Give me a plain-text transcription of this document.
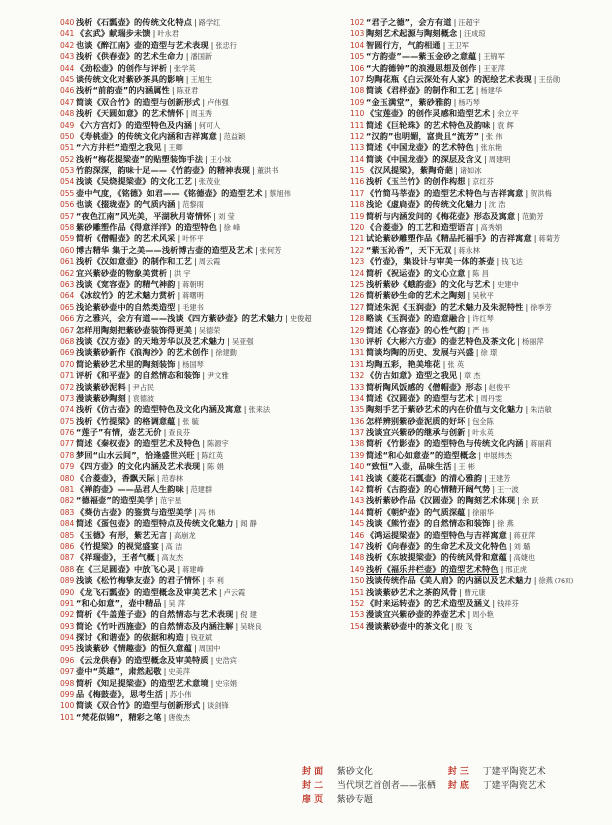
040 浅析《石瓢壶》的传统文化特点 | 路学红
041 《玄武》献瑞步未馈 | 叶永君
042 也谈《醉江南》壶的造型与艺术表现 | 张忠行
043 浅析《供春壶》的艺术生命力 | 潘国新
044 《劲松壶》的创作与评析 | 张学英
045 谈传统文化对紫砂茶具的影响 | 王旭生
046 浅析“前韵壶”的内涵属性 | 陈亚君
047 简谈《双合竹》的造型与创新形式 | 卢伟强
048 浅析《天圆如意》的艺术情怀 | 周玉秀
049 《六方宫灯》的造型特色及内涵 | 何可人
050 《寿桃壶》的传统文化内涵和吉祥寓意 | 范益颖
051 “六方井栏”造型之我见 | 王卿
052 浅析“梅花提梁壶”的贴塑装饰手法 | 王小妹
053 竹韵深深，韵味十足——《竹韵壶》的精神表现 | 董洪书
054 浅谈《吴烧提梁壶》的文化工艺 | 张茂业
055 壶中气度，《铭德》如君——《铭德壶》的造型艺术 | 蔡旭伟
056 也谈《掇珑壶》的气质内涵 | 范黎雨
057 “夜色江南”风光美，平湖秋月寄情怀 | 刘 莹
058 紫砂雕塑作品《得意洋洋》的造型特色 | 徐 峰
059 简析《僧帽壶》的艺术风采 | 叶怀平
060 博古精华 集于之美——浅析博古壶的造型及艺术 | 张何芳
061 浅析《汉如意壶》的制作和工艺 | 周云霞
062 宜兴紫砂壶的物象美赏析 | 洪 宇
063 浅谈《宽容壶》的精气神韵 | 蒋朝明
064 《冰纹竹》的艺术魅力赏析 | 蒋曙明
065 浅论紫砂壶中的自然类造型 | 毛建书
066 方之雅兴，会方有道——浅谈《四方紫砂壶》的艺术魅力 | 史俊超
067 怎样用陶刻把紫砂壶装饰得更美 | 吴德荣
068 浅谈《汉方壶》的天地芳华以及艺术魅力 | 吴亚强
069 浅谈紫砂新作《浪淘沙》的艺术创作 | 徐建勤
070 简论紫砂艺术里的陶刻装饰 | 杨国琴
071 评析《和平壶》的自然情态和装饰 | 尹文雅
072 浅谈紫砂泥料 | 尹占民
073 漫谈紫砂陶刻 | 袁德波
074 浅析《仿古壶》的造型特色及文化内涵及寓意 | 张来法
075 浅析《竹提梁》的格调意蕴 | 张 毓
076 “莲子”有情，壶艺无价 | 查良芬
077 简述《秦权壶》的造型艺术及特色 | 陈源宇
078 梦回“山水云间”，恰逢盛世兴旺 | 陈红英
079 《四方壶》的文化内涵及艺术表现 | 陈 娟
080 《合菱壶》，香飘天际 | 范春林
081 《禅韵壶》——品君人生韵味 | 范建群
082 “德福壶”的造型美学 | 范宇星
083 《葵仿古壶》的鉴赏与造型美学 | 冯 炜
084 简述《蛋包壶》的造型特点及传统文化魅力 | 闻 静
085 《玉德》有形，紫艺无言 | 高崩龙
086 《竹提梁》的视觉盛宴 | 高 洁
087 《祥瑞壶》，王者气概 | 高友杰
088 在《三足圆壶》中放飞心灵 | 蒋建峰
089 浅谈《松竹梅挚友壶》的君子情怀 | 李 利
090 《龙飞石瓢壶》的造型概念及审美艺术 | 卢云霞
091 “和心如意”，壶中精品 | 吴 萍
092 简析《牛盖莲子壶》的自然情态与艺术表现 | 倪 建
093 简论《竹叶西施壶》的自然情态及内涵注解 | 吴晓良
094 探讨《和谐壶》的依据和构造 | 钱亚斌
095 浅谈紫砂《情趣壶》的恒久意蕴 | 周国中
096 《云龙供春》的造型概念及审美特质 | 史浩宾
097 壶中“英雄”，肃然起敬 | 史美萍
098 简析《知足提梁壶》的造型艺术意境 | 史宗娟
099 品《梅鼓壶》，思考生活 | 苏小伟
100 简谈《双合竹》的造型与创新形式 | 谈剑锋
101 “梵花似锦”，精彩之笔 | 唐俊杰
102 “君子之德”，会方有道 | 汪超宇
103 陶刻艺术起源与陶刻概念 | 汪成琼
104 智圆行方，气韵相通 | 王卫军
105 “方韵壶”——紫玉金砂之意蕴 | 王锦军
106 “大韵德钟”的浪漫思想及创作 | 王亚萍
107 均陶花瓶《白云深处有人家》的泥绘艺术表现 | 王岳勋
108 简谈《君样壶》的制作和工艺 | 杨建华
109 “金玉满堂”，紫砂雅韵 | 杨巧琴
110 《宝莲壶》的创作灵感和造型艺术 | 余立平
111 简述《巨轮珠》的艺术特色及韵味 | 袁 辉
112 “汉韵”也明媚，富贵且“流芳” | 张 伟
113 简述《中国龙壶》的艺术特色 | 张东艳
114 简谈《中国龙壶》的深层及含义 | 周建明
115 《汉风提梁》，紫陶奇葩 | 诸如冰
116 浅析《玉兰竹》的创作构想 | 京红芬
117 《竹简马莘壶》的造型艺术特色与吉祥寓意 | 贺洪梅
118 浅论《虚扃壶》的传统文化魅力 | 沈 浩
119 简析与内涵发问的《梅花壶》形态及寓意 | 范勤芳
120 《合菱壶》的工艺和造型语言 | 高秀娟
121 试论紫砂雕塑作品《精品托福手》的吉祥寓意 | 蒋菊芳
122 “紫玉沁香”，天下无双 | 蒋永林
123 《竹壶》，集设计与审美一体的茶壶 | 钱飞达
124 简析《祝运壶》的文心立意 | 陈 昌
125 浅析紫砂《蛾韵壶》的文化与艺术 | 史建中
126 简析紫砂生命的艺术之陶刻 | 吴秋平
127 简述朱泥《玉润壶》的艺术魅力及朱泥特性 | 徐季芳
128 略谈《玉润壶》的造意融合 | 许红琴
129 简述《心容壶》的心性气韵 | 严 伟
130 评析《大彬六方壶》的壶艺特色及茶文化 | 杨丽萍
131 简谈均陶的历史、发展与兴盛 | 徐 璟
131 均陶五彩，艳美堆花 | 张 英
132 《仿古如意》造型之我见 | 章 杰
133 简析陶风饭感的《僧帽壶》形态 | 赵俊平
134 简述《汉圆壶》的造型与艺术 | 周丹雯
135 陶刻手艺于紫砂艺术的内在价值与文化魅力 | 朱洁敏
136 怎样辨别紫砂壶泥质的好坏 | 包全陈
137 浅谈宜兴紫砂的继承与创新 | 叶永英
138 简析《竹影壶》的造型特色与传统文化内涵 | 蒋丽莉
139 简述“和心如意壶”的造型概念 | 申展炜杰
140 “致恒”入壶，品味生活 | 王 彬
141 浅谈《菱花石瓢壶》的清心雅韵 | 王建芳
142 简析《古韵壶》的心情精开阔气势 | 王一波
143 浅析紫砂作品《汉圆壶》的陶刻艺术体现 | 余 跃
144 简析《朝炉壶》的气质深蕴 | 徐丽华
145 浅谈《熊竹壶》的自然情态和装饰 | 徐 燕
146 《鸿运提梁壶》的造型特色与吉祥寓意 | 蒋亚萍
147 浅析《向春壶》的生命艺术及文化特色 | 刘 璐
148 浅析《东坡提梁壶》的传统风骨和意蕴 | 高婕也
149 浅析《福乐井栏壶》的造型艺术特色 | 邢正虎
150 浅谈传统作品《美人肩》的内涵以及艺术魅力 | 徐燕 (76页)
151 浅谈紫砂艺术之茶韵风骨 | 曹元康
152 《时来运转壶》的艺术造型及涵义 | 钱祥芬
153 漫谈宜兴紫砂壶的养壶艺术 | 周小艳
154 漫谈紫砂壶中的茶文化 | 殷 飞
封 面 紫砂文化	封 三 丁建平陶瓷艺术
封 二 当代坝艺首创者——张栖 封 底 丁建平陶瓷艺术
扉 页 紫砂专题
